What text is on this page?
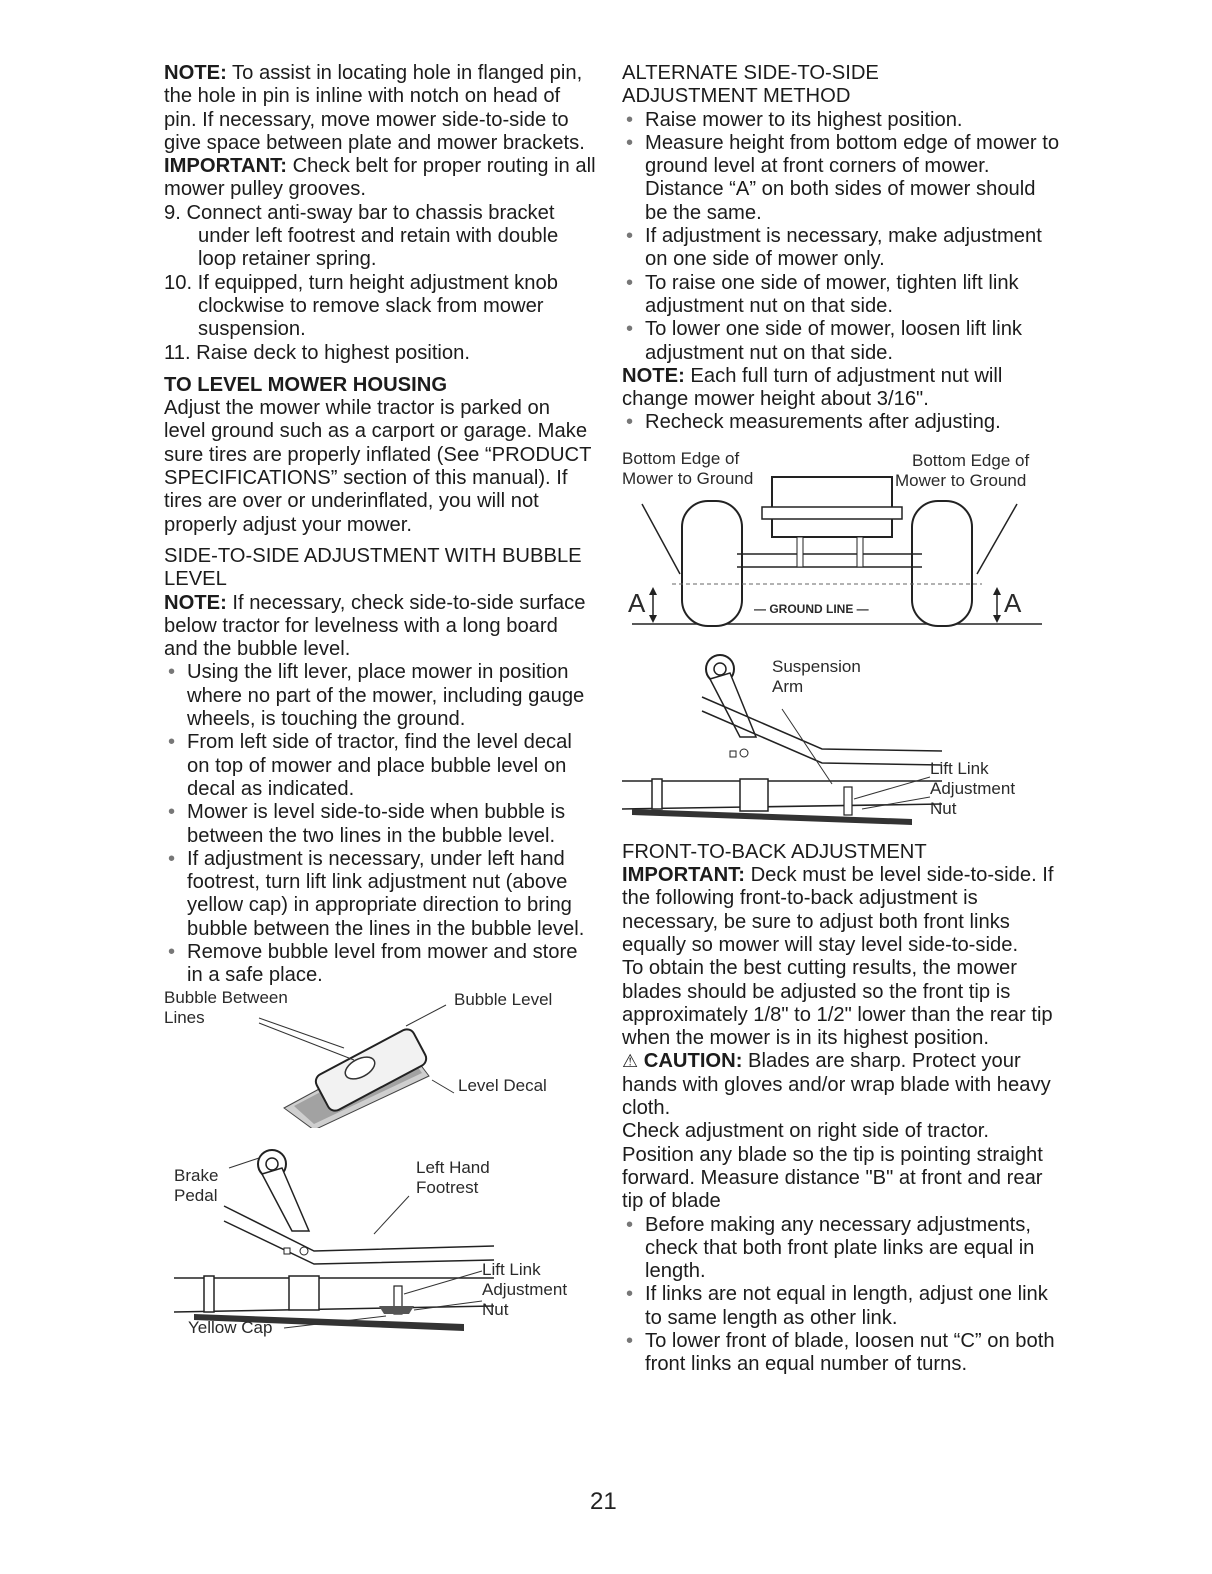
NOTE: To assist in locating hole in flanged pin, the hole in pin is inline with notch on head of pin. If necessary, move mower side-to-side to give space between plate and mower brackets.

IMPORTANT: Check belt for proper routing in all mower pulley grooves.

9. Connect anti-sway bar to chassis bracket under left footrest and retain with double loop retainer spring.

10. If equipped, turn height adjustment knob clockwise to remove slack from mower suspension.

11. Raise deck to highest position.

TO LEVEL MOWER HOUSING

Adjust the mower while tractor is parked on level ground such as a carport or garage. Make sure tires are properly inflated (See “PRODUCT SPECIFICATIONS” section of this manual). If tires are over or underinflated, you will not properly adjust your mower.

SIDE-TO-SIDE ADJUSTMENT WITH BUBBLE LEVEL

NOTE: If necessary, check side-to-side surface below tractor for levelness with a long board and the bubble level.

• Using the lift lever, place mower in position where no part of the mower, including gauge wheels, is touching the ground.
• From left side of tractor, find the level decal on top of mower and place bubble level on decal as indicated.
• Mower is level side-to-side when bubble is between the two lines in the bubble level.
• If adjustment is necessary, under left hand footrest, turn lift link adjustment nut (above yellow cap) in appropriate direction to bring bubble between the lines in the bubble level.
• Remove bubble level from mower and store in a safe place.
Bubble Between
Lines
Bubble Level
Level Decal
Brake
Pedal
Left Hand
Footrest
Lift Link
Adjustment
Nut
Yellow Cap

ALTERNATE SIDE-TO-SIDE ADJUSTMENT METHOD

• Raise mower to its highest position.
• Measure height from bottom edge of mower to ground level at front corners of mower. Distance “A” on both sides of mower should be the same.
• If adjustment is necessary, make adjustment on one side of mower only.
• To raise one side of mower, tighten lift link adjustment nut on that side.
• To lower one side of mower, loosen lift link adjustment nut on that side.

NOTE: Each full turn of adjustment nut will change mower height about 3/16".

• Recheck measurements after adjusting.
Bottom Edge of
Mower to Ground
Bottom Edge of
Mower to Ground
A	A
— GROUND LINE —
Suspension
Arm
Lift Link
Adjustment
Nut

FRONT-TO-BACK ADJUSTMENT

IMPORTANT: Deck must be level side-to-side. If the following front-to-back adjustment is necessary, be sure to adjust both front links equally so mower will stay level side-to-side.

To obtain the best cutting results, the mower blades should be adjusted so the front tip is approximately 1/8" to 1/2" lower than the rear tip when the mower is in its highest position.

⚠ CAUTION: Blades are sharp. Protect your hands with gloves and/or wrap blade with heavy cloth.

Check adjustment on right side of tractor. Position any blade so the tip is pointing straight forward. Measure distance "B" at front and rear tip of blade

• Before making any necessary adjustments, check that both front plate links are equal in length.
• If links are not equal in length, adjust one link to same length as other link.
• To lower front of blade, loosen nut “C” on both front links an equal number of turns.
21
